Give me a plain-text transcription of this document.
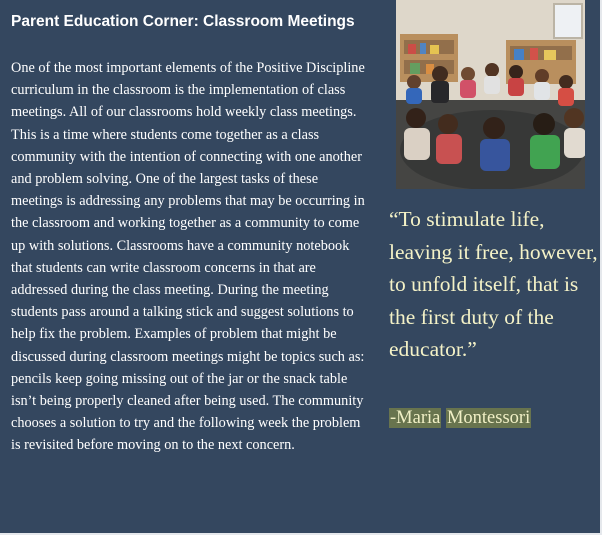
Parent Education Corner: Classroom Meetings

One of the most important elements of the Positive Discipline curriculum in the classroom is the implementation of class meetings. All of our classrooms hold weekly class meetings. This is a time where students come together as a class community with the intention of connecting with one another and problem solving. One of the largest tasks of these meetings is addressing any problems that may be occurring in the classroom and working together as a community to come up with solutions. Classrooms have a community notebook that students can write classroom concerns in that are addressed during the class meeting. During the meeting students pass around a talking stick and suggest solutions to help fix the problem. Examples of problem that might be discussed during classroom meetings might be topics such as: pencils keep going missing out of the jar or the snack table isn’t being properly cleaned after being used. The community chooses a solution to try and the following week the problem is revisited before moving on to the next concern.

“To stimulate life, leaving it free, however, to unfold itself, that is the first duty of the educator.”

-Maria Montessori
